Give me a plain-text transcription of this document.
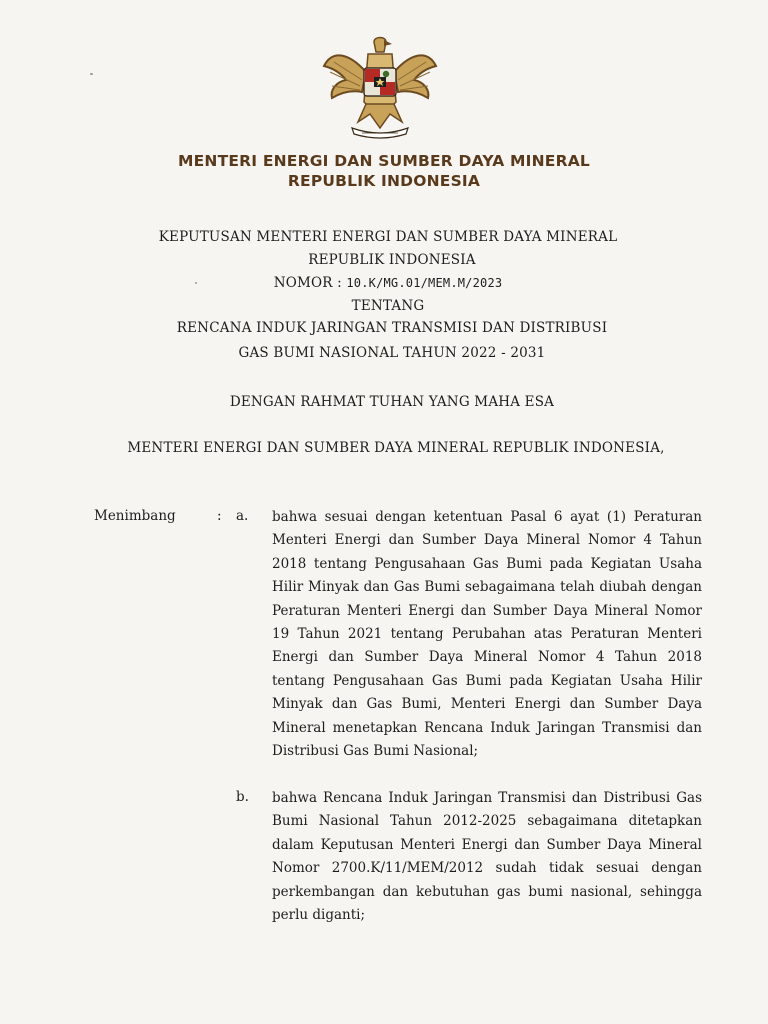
MENTERI ENERGI DAN SUMBER DAYA MINERAL
REPUBLIK INDONESIA
KEPUTUSAN MENTERI ENERGI DAN SUMBER DAYA MINERAL
REPUBLIK INDONESIA
NOMOR : 10.K/MG.01/MEM.M/2023
TENTANG
RENCANA INDUK JARINGAN TRANSMISI DAN DISTRIBUSI
GAS BUMI NASIONAL TAHUN 2022 - 2031
DENGAN RAHMAT TUHAN YANG MAHA ESA
MENTERI ENERGI DAN SUMBER DAYA MINERAL REPUBLIK INDONESIA,
Menimbang	: a. bahwa sesuai dengan ketentuan Pasal 6 ayat (1) Peraturan Menteri Energi dan Sumber Daya Mineral Nomor 4 Tahun 2018 tentang Pengusahaan Gas Bumi pada Kegiatan Usaha Hilir Minyak dan Gas Bumi sebagaimana telah diubah dengan Peraturan Menteri Energi dan Sumber Daya Mineral Nomor 19 Tahun 2021 tentang Perubahan atas Peraturan Menteri Energi dan Sumber Daya Mineral Nomor 4 Tahun 2018 tentang Pengusahaan Gas Bumi pada Kegiatan Usaha Hilir Minyak dan Gas Bumi, Menteri Energi dan Sumber Daya Mineral menetapkan Rencana Induk Jaringan Transmisi dan Distribusi Gas Bumi Nasional;
b. bahwa Rencana Induk Jaringan Transmisi dan Distribusi Gas Bumi Nasional Tahun 2012-2025 sebagaimana ditetapkan dalam Keputusan Menteri Energi dan Sumber Daya Mineral Nomor 2700.K/11/MEM/2012 sudah tidak sesuai dengan perkembangan dan kebutuhan gas bumi nasional, sehingga perlu diganti;
